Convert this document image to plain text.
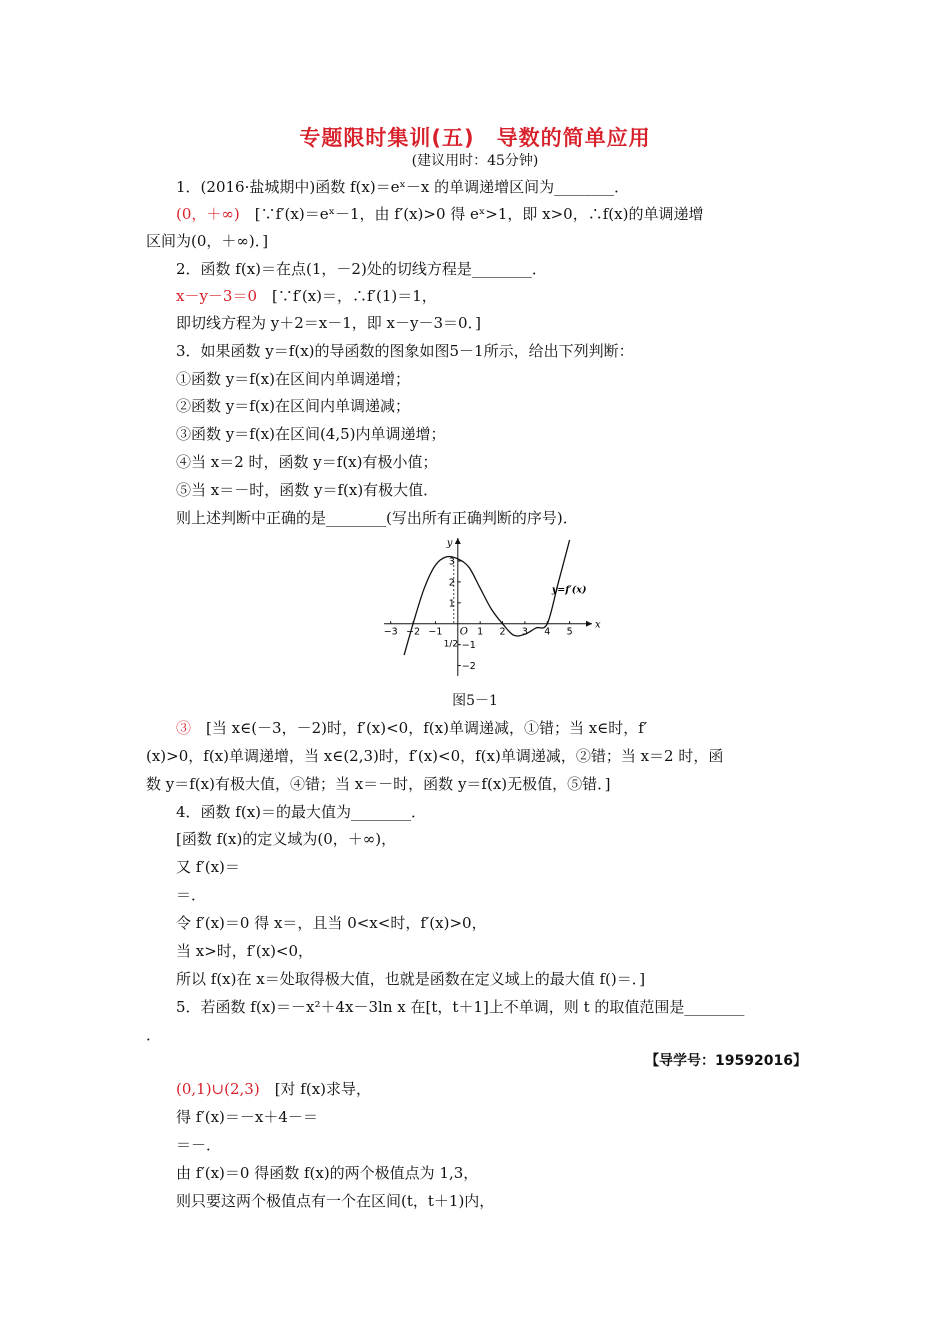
专题限时集训(五)　导数的简单应用
(建议用时：45分钟)
1．(2016·盐城期中)函数 f(x)＝eˣ－x 的单调递增区间为________．
(0，＋∞)　[∵f′(x)＝eˣ－1，由 f′(x)>0 得 eˣ>1，即 x>0，∴f(x)的单调递增
区间为(0，＋∞)．]
2．函数 f(x)＝在点(1，－2)处的切线方程是________．
x－y－3＝0　[∵f′(x)＝，∴f′(1)＝1，
即切线方程为 y＋2＝x－1，即 x－y－3＝0．]
3．如果函数 y＝f(x)的导函数的图象如图5－1所示，给出下列判断：
①函数 y＝f(x)在区间内单调递增；
②函数 y＝f(x)在区间内单调递减；
③函数 y＝f(x)在区间(4,5)内单调递增；
④当 x＝2 时，函数 y＝f(x)有极小值；
⑤当 x＝－时，函数 y＝f(x)有极大值．
则上述判断中正确的是________(写出所有正确判断的序号)．
x
y
O
−3 −2 −1	1 2 3 4 5
1/2
3
2
1
−1
−2
y=f′(x)
图5－1
③　[当 x∈(－3，－2)时，f′(x)<0，f(x)单调递减，①错；当 x∈时，f′
(x)>0，f(x)单调递增，当 x∈(2,3)时，f′(x)<0，f(x)单调递减，②错；当 x＝2 时，函
数 y＝f(x)有极大值，④错；当 x＝－时，函数 y＝f(x)无极值，⑤错．]
4．函数 f(x)＝的最大值为________．
[函数 f(x)的定义域为(0，＋∞)，
又 f′(x)＝
＝．
令 f′(x)＝0 得 x＝，且当 0<x<时，f′(x)>0，
当 x>时，f′(x)<0，
所以 f(x)在 x＝处取得极大值，也就是函数在定义域上的最大值 f()＝．]
5．若函数 f(x)＝－x²＋4x－3ln x 在[t，t＋1]上不单调，则 t 的取值范围是________
．
【导学号：19592016】
(0,1)∪(2,3)　[对 f(x)求导，
得 f′(x)＝－x＋4－＝
＝－．
由 f′(x)＝0 得函数 f(x)的两个极值点为 1,3，
则只要这两个极值点有一个在区间(t，t＋1)内，
